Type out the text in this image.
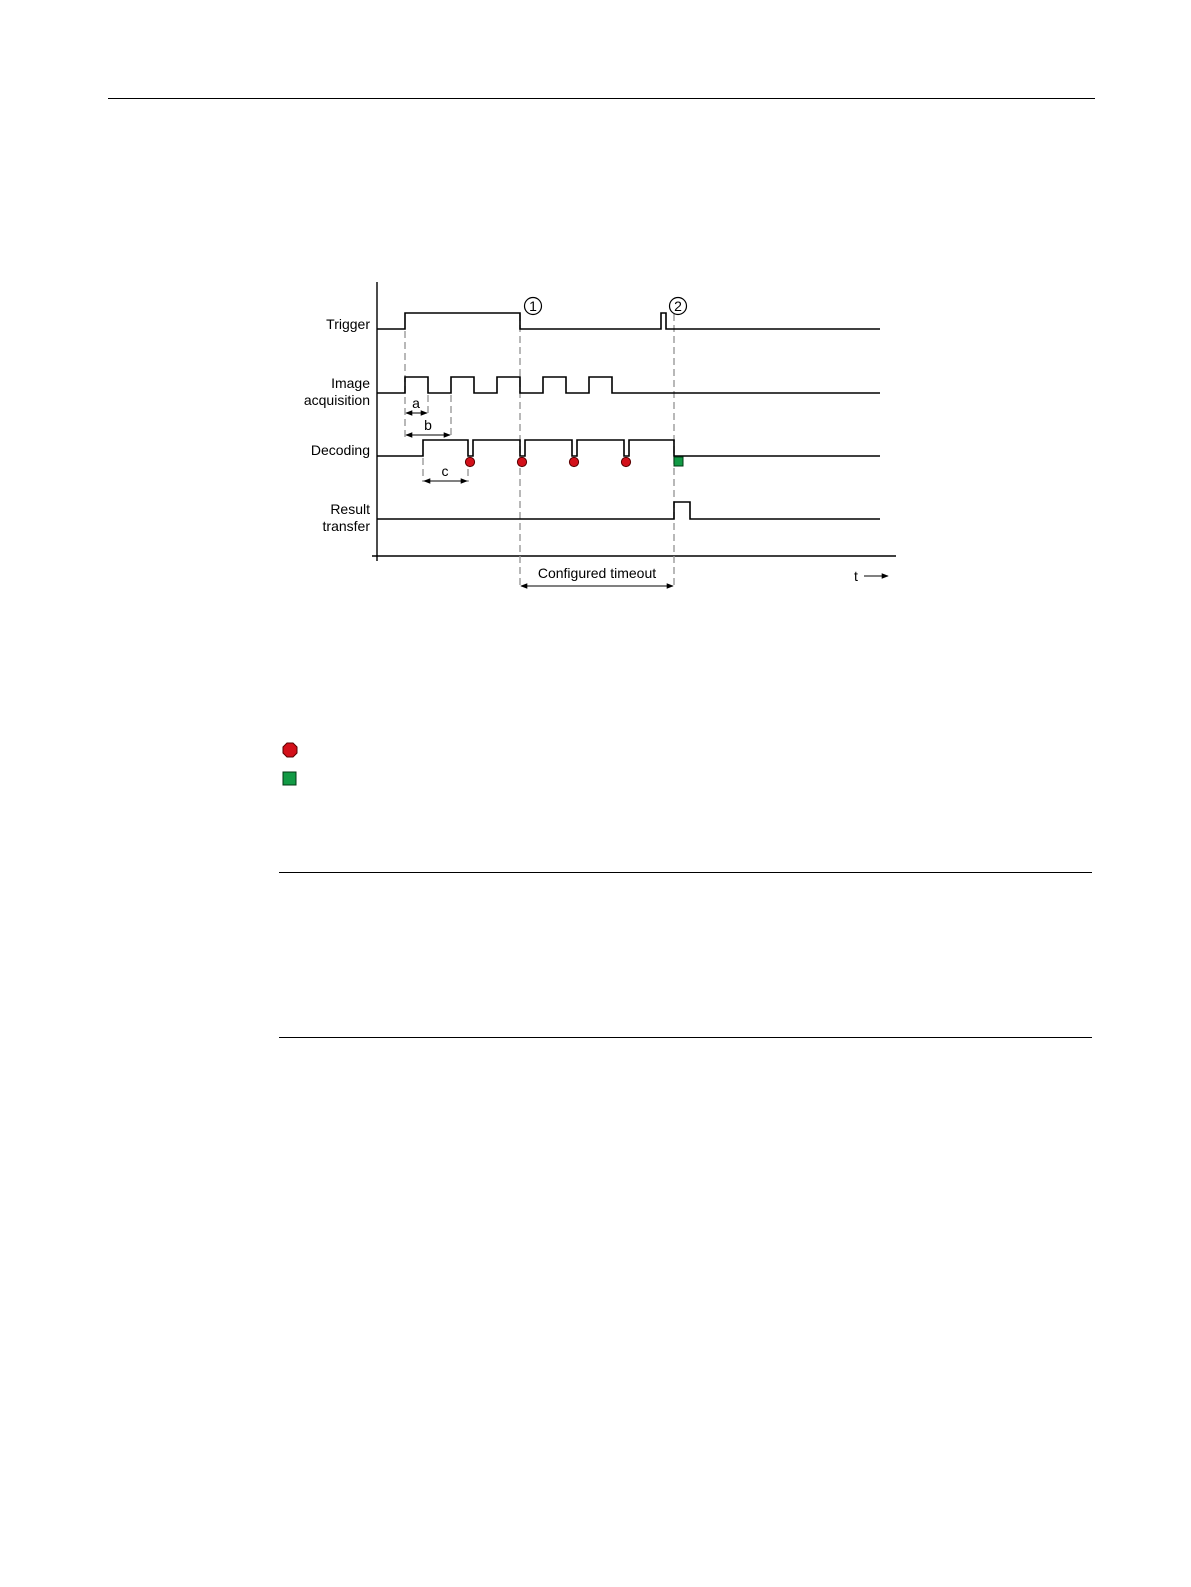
Trigger
Image
acquisition
Decoding
Result
transfer
1	2
a
b
c
Configured timeout	t
